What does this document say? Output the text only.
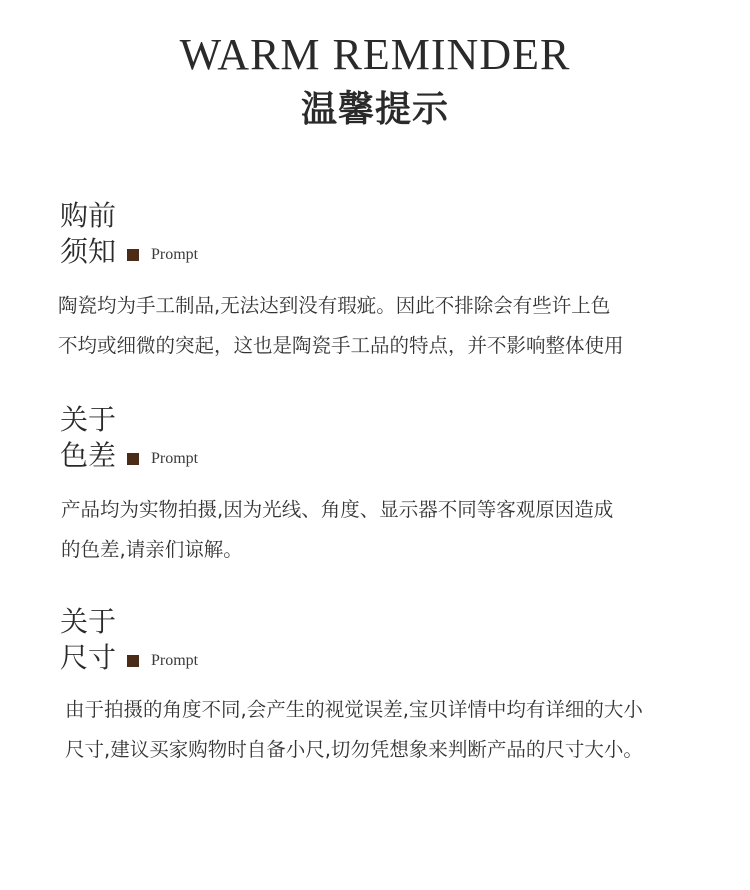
WARM REMINDER
温馨提示
购前
须知 Prompt
陶瓷均为手工制品,无法达到没有瑕疵。因此不排除会有些许上色
不均或细微的突起，这也是陶瓷手工品的特点，并不影响整体使用
关于
色差 Prompt
产品均为实物拍摄,因为光线、角度、显示器不同等客观原因造成
的色差,请亲们谅解。
关于
尺寸 Prompt
由于拍摄的角度不同,会产生的视觉误差,宝贝详情中均有详细的大小
尺寸,建议买家购物时自备小尺,切勿凭想象来判断产品的尺寸大小。
